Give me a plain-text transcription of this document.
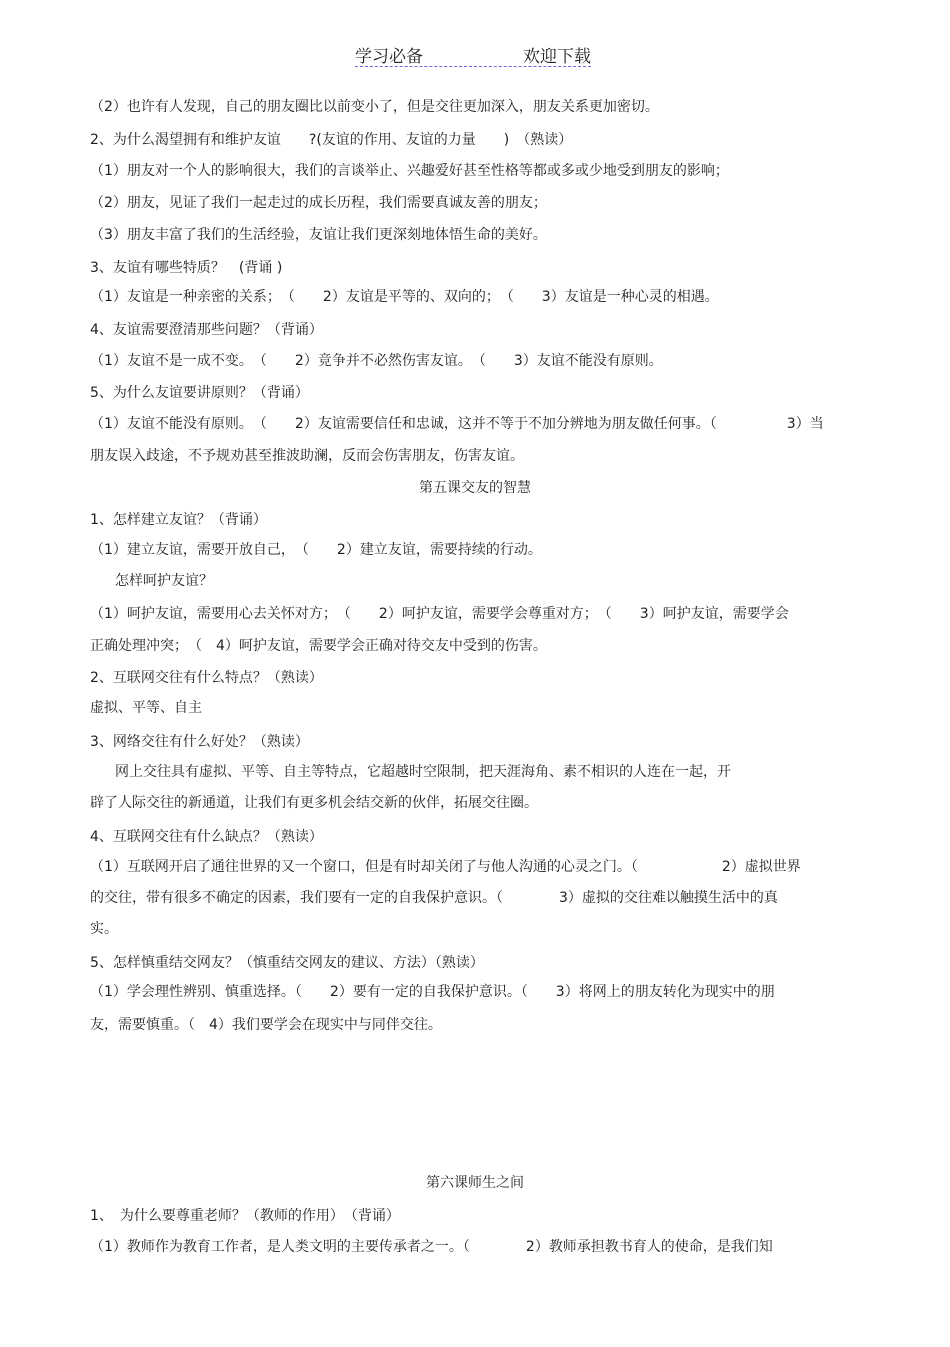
学习必备	欢迎下载
（2）也许有人发现，自己的朋友圈比以前变小了，但是交往更加深入，朋友关系更加密切。
2、为什么渴望拥有和维护友谊　　?(友谊的作用、友谊的力量　　)　（熟读）
（1）朋友对一个人的影响很大，我们的言谈举止、兴趣爱好甚至性格等都或多或少地受到朋友的影响；
（2）朋友，见证了我们一起走过的成长历程，我们需要真诚友善的朋友；
（3）朋友丰富了我们的生活经验，友谊让我们更深刻地体悟生命的美好。
3、友谊有哪些特质？　(背诵 )
（1）友谊是一种亲密的关系；　（　　2）友谊是平等的、双向的；　（　　3）友谊是一种心灵的相遇。
4、友谊需要澄清那些问题？（背诵）
（1）友谊不是一成不变。　（　　2）竞争并不必然伤害友谊。　（　　3）友谊不能没有原则。
5、为什么友谊要讲原则？（背诵）
（1）友谊不能没有原则。　（　　2）友谊需要信任和忠诚，这并不等于不加分辨地为朋友做任何事。（　　　　　3）当
朋友误入歧途，不予规劝甚至推波助澜，反而会伤害朋友，伤害友谊。
1、怎样建立友谊？（背诵）
（1）建立友谊，需要开放自己，　（　　2）建立友谊，需要持续的行动。
怎样呵护友谊？
（1）呵护友谊，需要用心去关怀对方；　（　　2）呵护友谊，需要学会尊重对方；　（　　3）呵护友谊，需要学会
正确处理冲突；　（　4）呵护友谊，需要学会正确对待交友中受到的伤害。
2、互联网交往有什么特点？（熟读）
虚拟、平等、自主
3、网络交往有什么好处？（熟读）
网上交往具有虚拟、平等、自主等特点，它超越时空限制，把天涯海角、素不相识的人连在一起，开
辟了人际交往的新通道，让我们有更多机会结交新的伙伴，拓展交往圈。
4、互联网交往有什么缺点？（熟读）
（1）互联网开启了通往世界的又一个窗口，但是有时却关闭了与他人沟通的心灵之门。（　　　　　　2）虚拟世界
的交往，带有很多不确定的因素，我们要有一定的自我保护意识。（　　　　3）虚拟的交往难以触摸生活中的真
实。
5、怎样慎重结交网友？（慎重结交网友的建议、方法）（熟读）
（1）学会理性辨别、慎重选择。（　　2）要有一定的自我保护意识。（　　3）将网上的朋友转化为现实中的朋
友，需要慎重。（　4）我们要学会在现实中与同伴交往。
1、　为什么要尊重老师？（教师的作用）　（背诵）
（1）教师作为教育工作者，是人类文明的主要传承者之一。（　　　　2）教师承担教书育人的使命，是我们知
第五课交友的智慧
第六课师生之间
